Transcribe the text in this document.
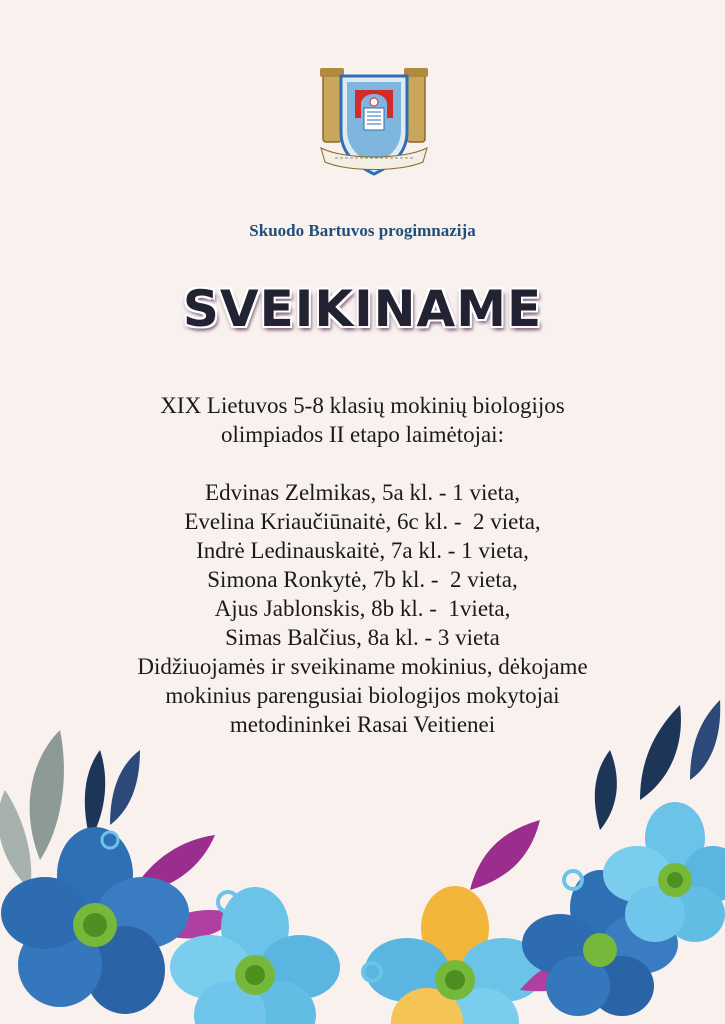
Skuodo Bartuvos progimnazija
SVEIKINAME
XIX Lietuvos 5-8 klasių mokinių biologijos
olimpiados II etapo laimėtojai:
Edvinas Zelmikas, 5a kl. - 1 vieta,
Evelina Kriaučiūnaitė, 6c kl. -  2 vieta,
Indrė Ledinauskaitė, 7a kl. - 1 vieta,
Simona Ronkytė, 7b kl. -  2 vieta,
Ajus Jablonskis, 8b kl. -  1vieta,
Simas Balčius, 8a kl. - 3 vieta
Didžiuojamės ir sveikiname mokinius, dėkojame
mokinius parengusiai biologijos mokytojai
metodininkei Rasai Veitienei
